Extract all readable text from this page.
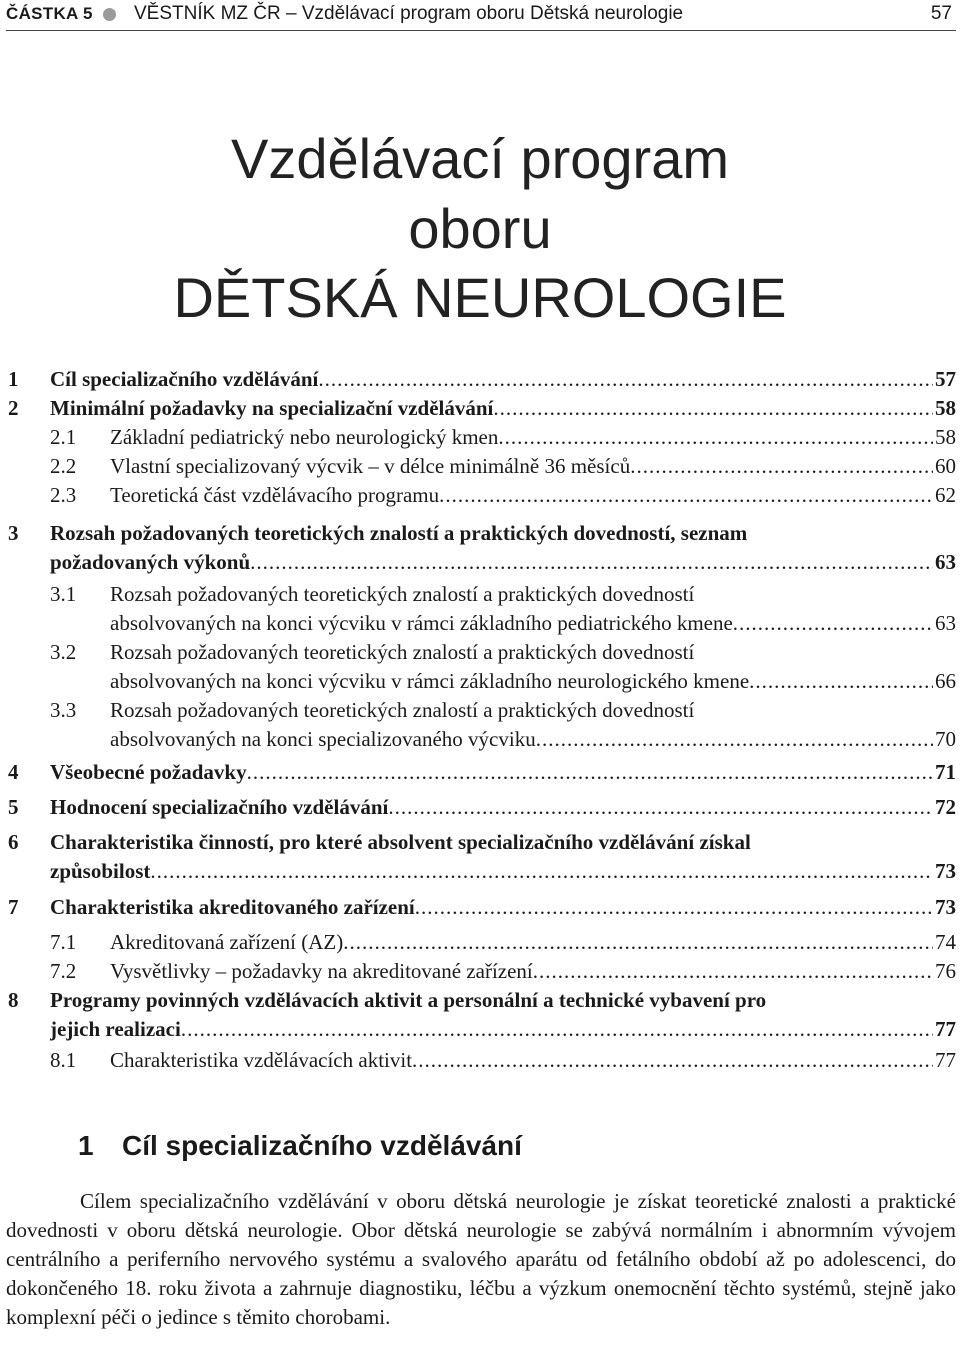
ČÁSTKA 5 VĚSTNÍK MZ ČR – Vzdělávací program oboru Dětská neurologie	57
Vzdělávací program
oboru
DĚTSKÁ NEUROLOGIE
1 Cíl specializačního vzdělávání .....	57
2 Minimální požadavky na specializační vzdělávání .....	58
2.1 Základní pediatrický nebo neurologický kmen .....	58
2.2 Vlastní specializovaný výcvik – v délce minimálně 36 měsíců .....	60
2.3 Teoretická část vzdělávacího programu .....	62
3 Rozsah požadovaných teoretických znalostí a praktických dovedností, seznam
požadovaných výkonů .....	63
3.1 Rozsah požadovaných teoretických znalostí a praktických dovedností
absolvovaných na konci výcviku v rámci základního pediatrického kmene .....	63
3.2 Rozsah požadovaných teoretických znalostí a praktických dovedností
absolvovaných na konci výcviku v rámci základního neurologického kmene .....	66
3.3 Rozsah požadovaných teoretických znalostí a praktických dovedností
absolvovaných na konci specializovaného výcviku .....	70
4 Všeobecné požadavky .....	71
5 Hodnocení specializačního vzdělávání .....	72
6 Charakteristika činností, pro které absolvent specializačního vzdělávání získal
způsobilost .....	73
7 Charakteristika akreditovaného zařízení .....	73
7.1 Akreditovaná zařízení (AZ) .....	74
7.2 Vysvětlivky – požadavky na akreditované zařízení .....	76
8 Programy povinných vzdělávacích aktivit a personální a technické vybavení pro
jejich realizaci .....	77
8.1 Charakteristika vzdělávacích aktivit .....	77
1 Cíl specializačního vzdělávání
Cílem specializačního vzdělávání v oboru dětská neurologie je získat teoretické znalosti a praktické dovednosti v oboru dětská neurologie. Obor dětská neurologie se zabývá normálním i abnormním vývojem centrálního a periferního nervového systému a svalového aparátu od fetálního období až po adolescenci, do dokončeného 18. roku života a zahrnuje diagnostiku, léčbu a výzkum onemocnění těchto systémů, stejně jako komplexní péči o jedince s těmito chorobami.
